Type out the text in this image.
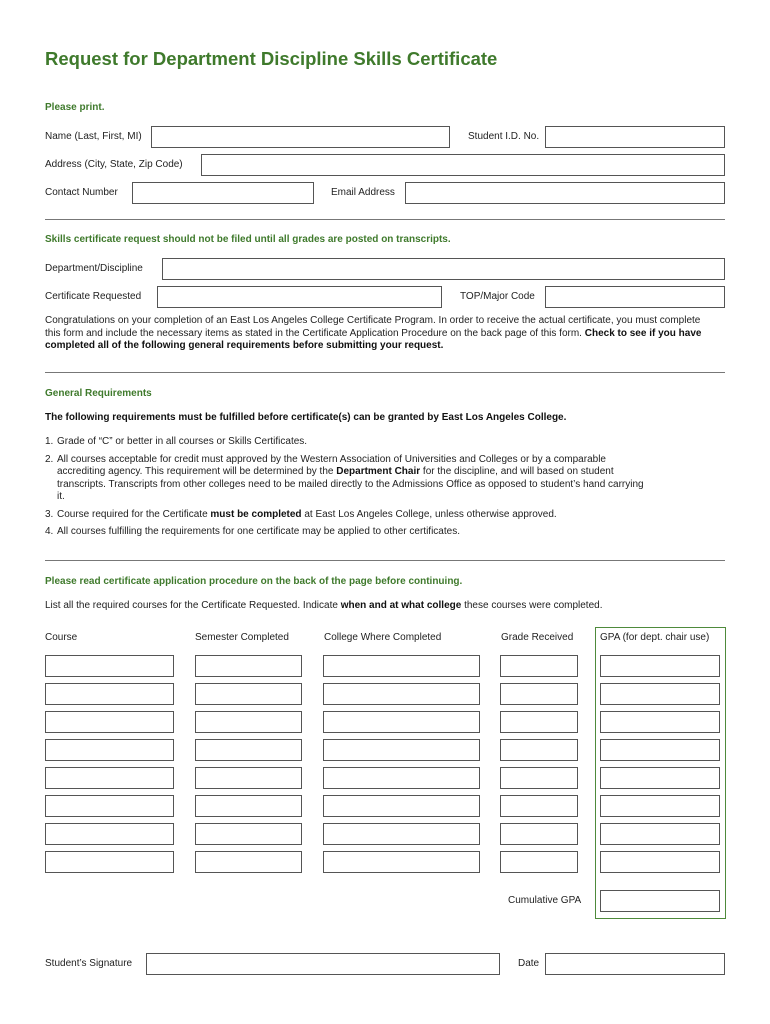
Request for Department Discipline Skills Certificate
Please print.
Name (Last, First, MI)	Student I.D. No.
Address (City, State, Zip Code)
Contact Number	Email Address
Skills certificate request should not be filed until all grades are posted on transcripts.
Department/Discipline
Certificate Requested	TOP/Major Code
Congratulations on your completion of an East Los Angeles College Certificate Program. In order to receive the actual certificate, you must complete this form and include the necessary items as stated in the Certificate Application Procedure on the back page of this form. Check to see if you have completed all of the following general requirements before submitting your request.
General Requirements
The following requirements must be fulfilled before certificate(s) can be granted by East Los Angeles College.
1. Grade of “C” or better in all courses or Skills Certificates.
2. All courses acceptable for credit must approved by the Western Association of Universities and Colleges or by a comparable accrediting agency. This requirement will be determined by the Department Chair for the discipline, and will based on student transcripts. Transcripts from other colleges need to be mailed directly to the Admissions Office as opposed to student’s hand carrying it.
3. Course required for the Certificate must be completed at East Los Angeles College, unless otherwise approved.
4. All courses fulfilling the requirements for one certificate may be applied to other certificates.
Please read certificate application procedure on the back of the page before continuing.
List all the required courses for the Certificate Requested. Indicate when and at what college these courses were completed.
Course	Semester Completed	College Where Completed	Grade Received	GPA (for dept. chair use)
Cumulative GPA
Student’s Signature	Date
